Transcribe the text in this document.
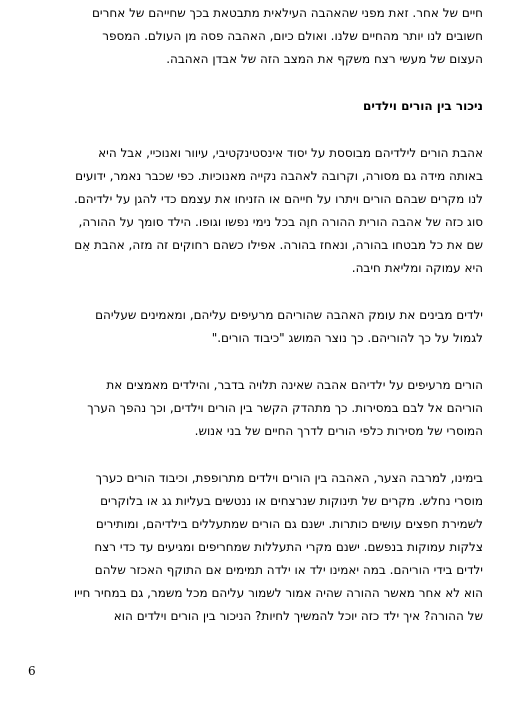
חיים של אחר. זאת מפני שהאהבה העילאית מתבטאת בכך שחייהם של אחרים
חשובים לנו יותר מהחיים שלנו. ואולם כיום, האהבה פסה מן העולם. המספר
העצום של מעשי רצח משקף את המצב הזה של אבדן האהבה.
ניכור בין הורים וילדים
אהבת הורים לילדיהם מבוססת על יסוד אינסטינקטיבי, עיוור ואנוכיי, אבל היא
באותה מידה גם מסורה, וקרובה לאהבה נקייה מאנוכיות. כפי שכבר נאמר, ידועים
לנו מקרים שבהם הורים ויתרו על חייהם או הזניחו את עצמם כדי להגן על ילדיהם.
סוג כזה של אהבה הורית ההורה חוֶה בכל נימי נפשו וגופו. הילד סומך על ההורה,
שם את כל מבטחו בהורה, ונאחז בהורה. אפילו כשהם רחוקים זה מזה, אהבת אֵם
היא עמוקה ומליאת חיבה.
ילדים מבינים את עומק האהבה שהוריהם מרעיפים עליהם, ומאמינים שעליהם
לגמול על כך להוריהם. כך נוצר המושג "כיבוד הורים."
הורים מרעיפים על ילדיהם אהבה שאינה תלויה בדבר, והילדים מאמצים את
הוריהם אל לבם במסירות. כך מתהדק הקשר בין הורים וילדים, וכך נהפך הערך
המוסרי של מסירות כלפי הורים לדרך החיים של בני אנוש.
בימינו, למרבה הצער, האהבה בין הורים וילדים מתרופפת, וכיבוד הורים כערך
מוסרי נחלש. מקרים של תינוקות שנרצחים או ננטשים בעליות גג או בלוקרים
לשמירת חפצים עושים כותרות. ישנם גם הורים שמתעללים בילדיהם, ומותירים
צלקות עמוקות בנפשם. ישנם מקרי התעללות שמחריפים ומגיעים עד כדי רצח
ילדים בידי הוריהם. במה יאמינו ילד או ילדה תמימים אם התוקף האכזר שלהם
הוא לא אחר מאשר ההורה שהיה אמור לשמור עליהם מכל משמר, גם במחיר חייו
של ההורה? איך ילד כזה יוכל להמשיך לחיות? הניכור בין הורים וילדים הוא
6
